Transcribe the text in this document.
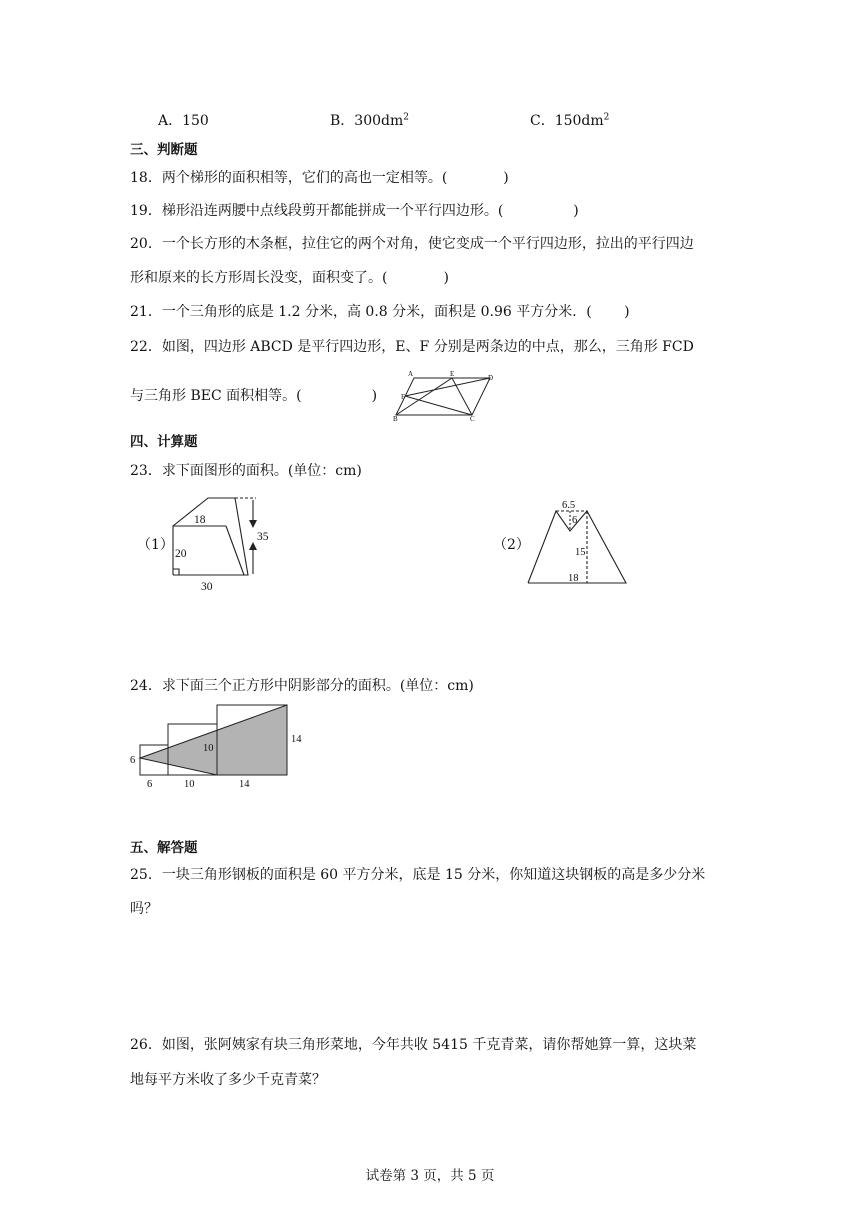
A．150	B．$300dm^2$	C．$150dm^2$
三、判断题
18．两个梯形的面积相等，它们的高也一定相等。(　　　　)
19．梯形沿连两腰中点线段剪开都能拼成一个平行四边形。(　　　　　)
20．一个长方形的木条框，拉住它的两个对角，使它变成一个平行四边形，拉出的平行四边
形和原来的长方形周长没变，面积变了。(　　　　)
21．一个三角形的底是 1.2 分米，高 0.8 分米，面积是 0.96 平方分米．(　　 )
22．如图，四边形 ABCD 是平行四边形，E、F 分别是两条边的中点，那么，三角形 FCD
与三角形 BEC 面积相等。(　　　　　)
A	E	D
F
B	C
四、计算题
23．求下面图形的面积。(单位：cm)
（1）
18
20
30
35	（2）
6.5
6
15
18
24．求下面三个正方形中阴影部分的面积。(单位：cm)
6
10
14
6	10	14
五、解答题
25．一块三角形钢板的面积是 60 平方分米，底是 15 分米，你知道这块钢板的高是多少分米
吗？
26．如图，张阿姨家有块三角形菜地，今年共收 5415 千克青菜，请你帮她算一算，这块菜
地每平方米收了多少千克青菜？
试卷第 3 页，共 5 页
